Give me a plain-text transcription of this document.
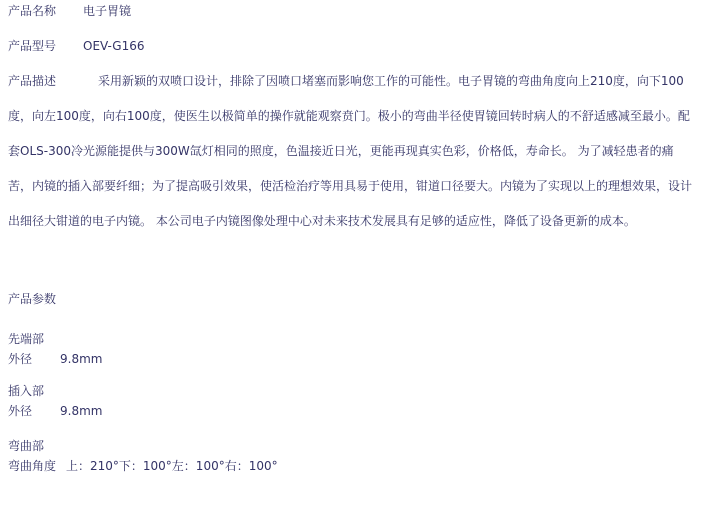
产品名称 电子胃镜

产品型号 OEV-G166

产品描述	采用新颖的双喷口设计，排除了因喷口堵塞而影响您工作的可能性。电子胃镜的弯曲角度向上210度，向下100度，向左100度，向右100度，使医生以极简单的操作就能观察贲门。极小的弯曲半径使胃镜回转时病人的不舒适感减至最小。配套OLS-300冷光源能提供与300W氙灯相同的照度，色温接近日光，更能再现真实色彩，价格低，寿命长。 为了减轻患者的痛苦，内镜的插入部要纤细；为了提高吸引效果，使活检治疗等用具易于使用，钳道口径要大。内镜为了实现以上的理想效果，设计出细径大钳道的电子内镜。 本公司电子内镜图像处理中心对未来技术发展具有足够的适应性，降低了设备更新的成本。

产品参数

先端部

外径 9.8mm

插入部

外径 9.8mm

弯曲部

弯曲角度 上：210°下：100°左：100°右：100°
